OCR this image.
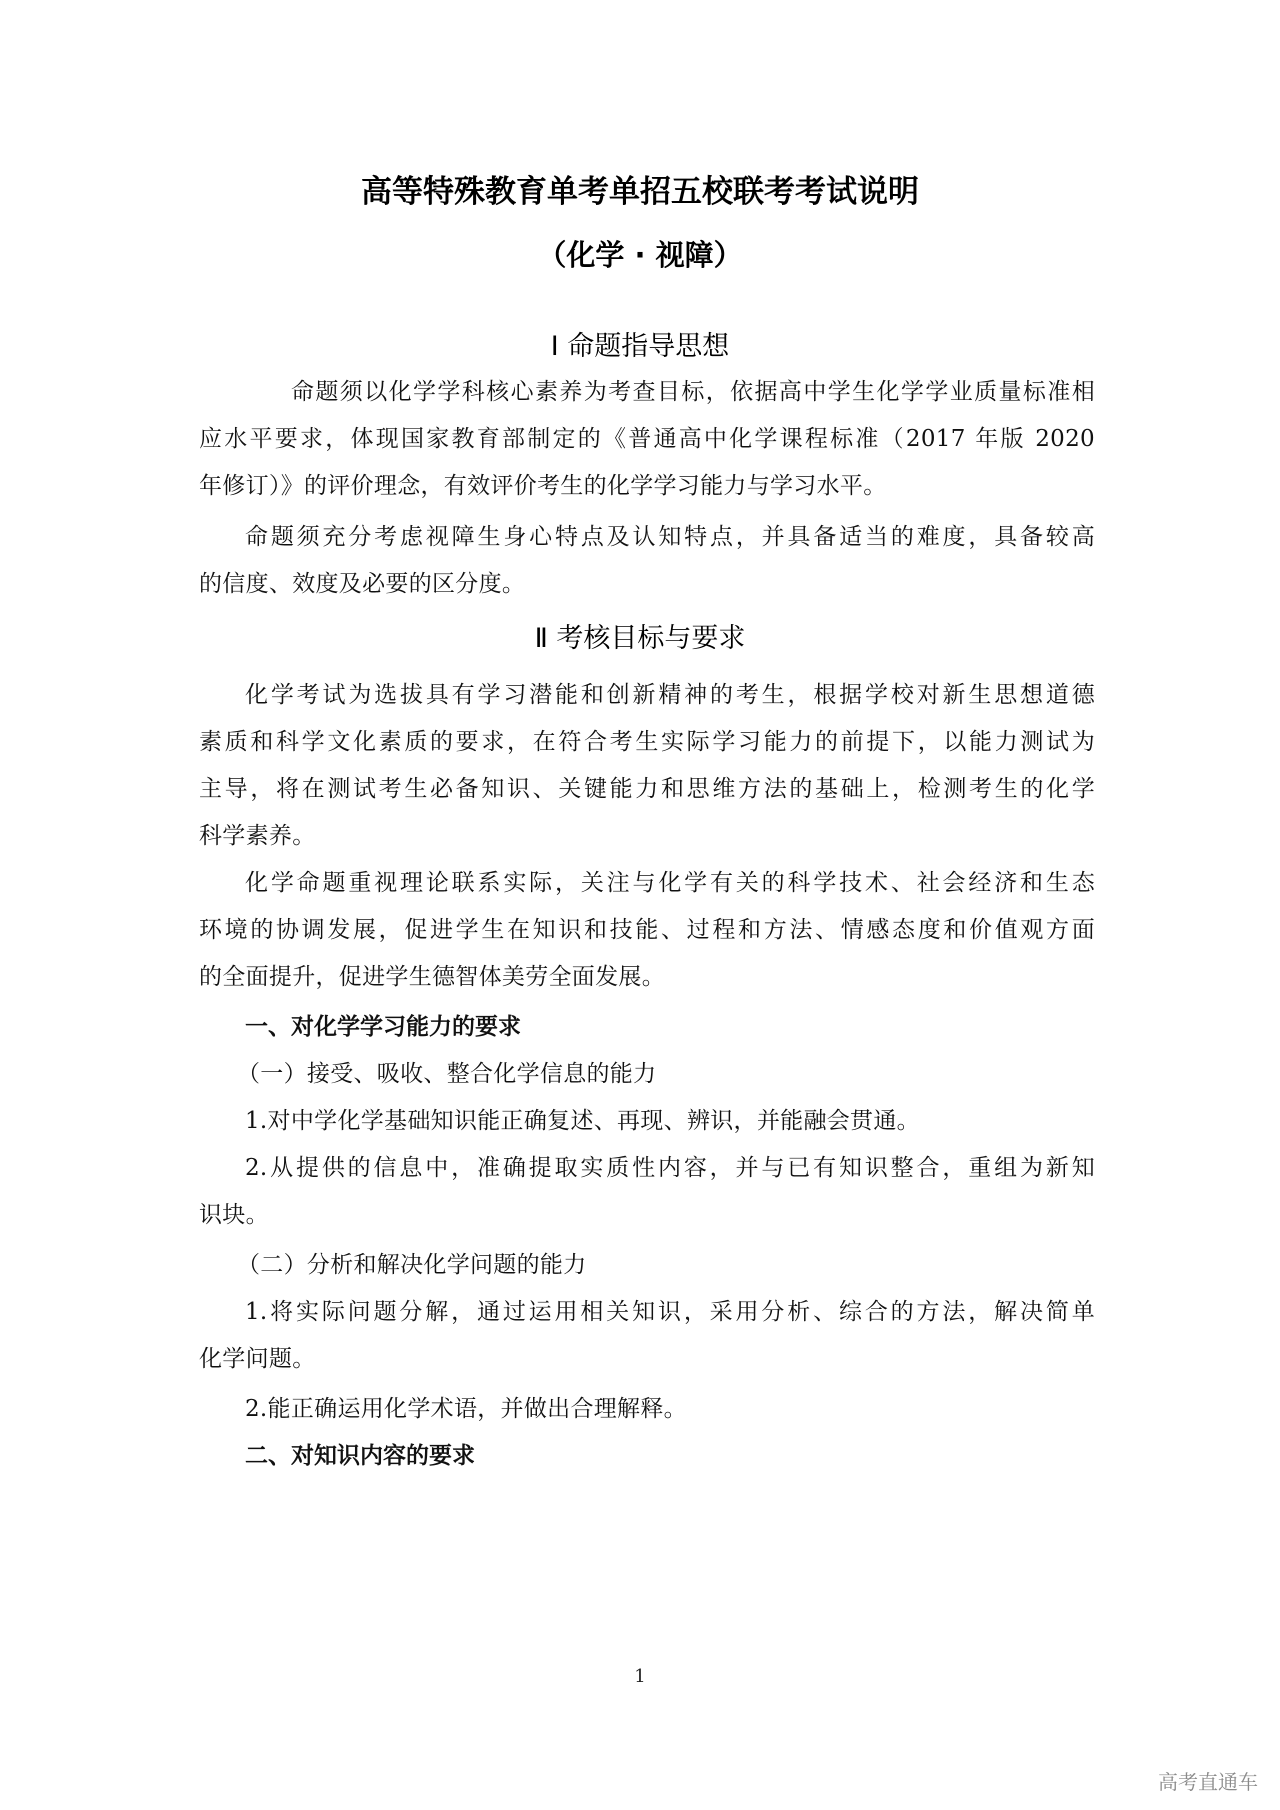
高等特殊教育单考单招五校联考考试说明
（化学 · 视障）
Ⅰ 命题指导思想
命题须以化学学科核心素养为考查目标，依据高中学生化学学业质量标准相
应水平要求，体现国家教育部制定的《普通高中化学课程标准（2017 年版 2020
年修订）》的评价理念，有效评价考生的化学学习能力与学习水平。
命题须充分考虑视障生身心特点及认知特点，并具备适当的难度，具备较高
的信度、效度及必要的区分度。
Ⅱ 考核目标与要求
化学考试为选拔具有学习潜能和创新精神的考生，根据学校对新生思想道德
素质和科学文化素质的要求，在符合考生实际学习能力的前提下，以能力测试为
主导，将在测试考生必备知识、关键能力和思维方法的基础上，检测考生的化学
科学素养。
化学命题重视理论联系实际，关注与化学有关的科学技术、社会经济和生态
环境的协调发展，促进学生在知识和技能、过程和方法、情感态度和价值观方面
的全面提升，促进学生德智体美劳全面发展。
一、对化学学习能力的要求
（一）接受、吸收、整合化学信息的能力
1.对中学化学基础知识能正确复述、再现、辨识，并能融会贯通。
2.从提供的信息中，准确提取实质性内容，并与已有知识整合，重组为新知
识块。
（二）分析和解决化学问题的能力
1.将实际问题分解，通过运用相关知识，采用分析、综合的方法，解决简单
化学问题。
2.能正确运用化学术语，并做出合理解释。
二、对知识内容的要求
1
高考直通车
